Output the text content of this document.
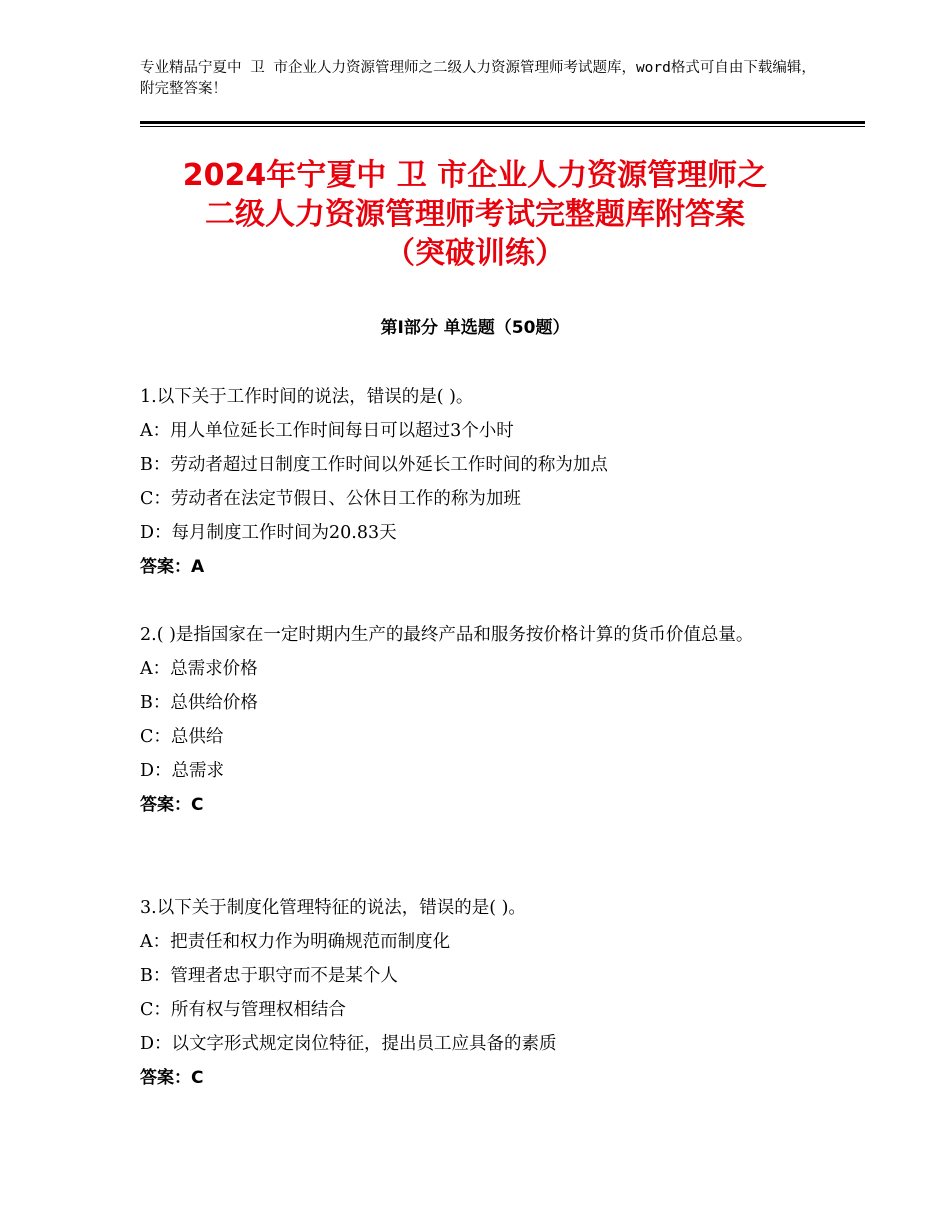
专业精品宁夏中 卫 市企业人力资源管理师之二级人力资源管理师考试题库，word格式可自由下载编辑，附完整答案！
2024年宁夏中 卫 市企业人力资源管理师之
二级人力资源管理师考试完整题库附答案
（突破训练）
第Ⅰ部分 单选题（50题）
1.以下关于工作时间的说法，错误的是( )。
A：用人单位延长工作时间每日可以超过3个小时
B：劳动者超过日制度工作时间以外延长工作时间的称为加点
C：劳动者在法定节假日、公休日工作的称为加班
D：每月制度工作时间为20.83天
答案：A
2.( )是指国家在一定时期内生产的最终产品和服务按价格计算的货币价值总量。
A：总需求价格
B：总供给价格
C：总供给
D：总需求
答案：C
3.以下关于制度化管理特征的说法，错误的是( )。
A：把责任和权力作为明确规范而制度化
B：管理者忠于职守而不是某个人
C：所有权与管理权相结合
D：以文字形式规定岗位特征，提出员工应具备的素质
答案：C
